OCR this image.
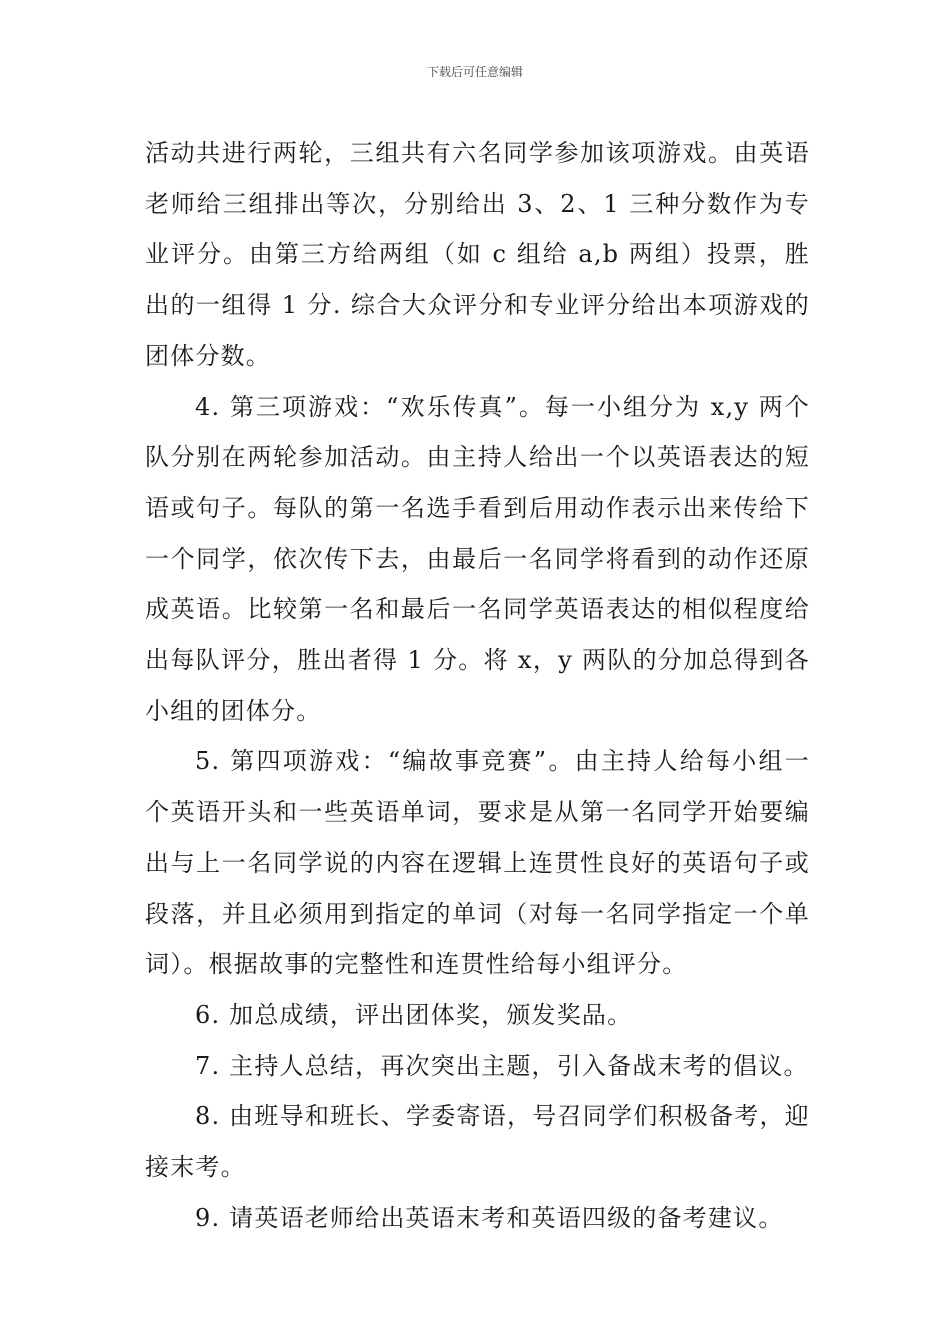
下载后可任意编辑

活动共进行两轮，三组共有六名同学参加该项游戏。由英语老师给三组排出等次，分别给出 3、2、1 三种分数作为专业评分。由第三方给两组（如 c 组给 a,b 两组）投票，胜出的一组得 1 分. 综合大众评分和专业评分给出本项游戏的团体分数。

4. 第三项游戏：“欢乐传真”。每一小组分为 x,y 两个队分别在两轮参加活动。由主持人给出一个以英语表达的短语或句子。每队的第一名选手看到后用动作表示出来传给下一个同学，依次传下去，由最后一名同学将看到的动作还原成英语。比较第一名和最后一名同学英语表达的相似程度给出每队评分，胜出者得 1 分。将 x，y 两队的分加总得到各小组的团体分。

5. 第四项游戏：“编故事竞赛”。由主持人给每小组一个英语开头和一些英语单词，要求是从第一名同学开始要编出与上一名同学说的内容在逻辑上连贯性良好的英语句子或段落，并且必须用到指定的单词（对每一名同学指定一个单词）。根据故事的完整性和连贯性给每小组评分。

6. 加总成绩，评出团体奖，颁发奖品。

7. 主持人总结，再次突出主题，引入备战末考的倡议。

8. 由班导和班长、学委寄语，号召同学们积极备考，迎接末考。

9. 请英语老师给出英语末考和英语四级的备考建议。
